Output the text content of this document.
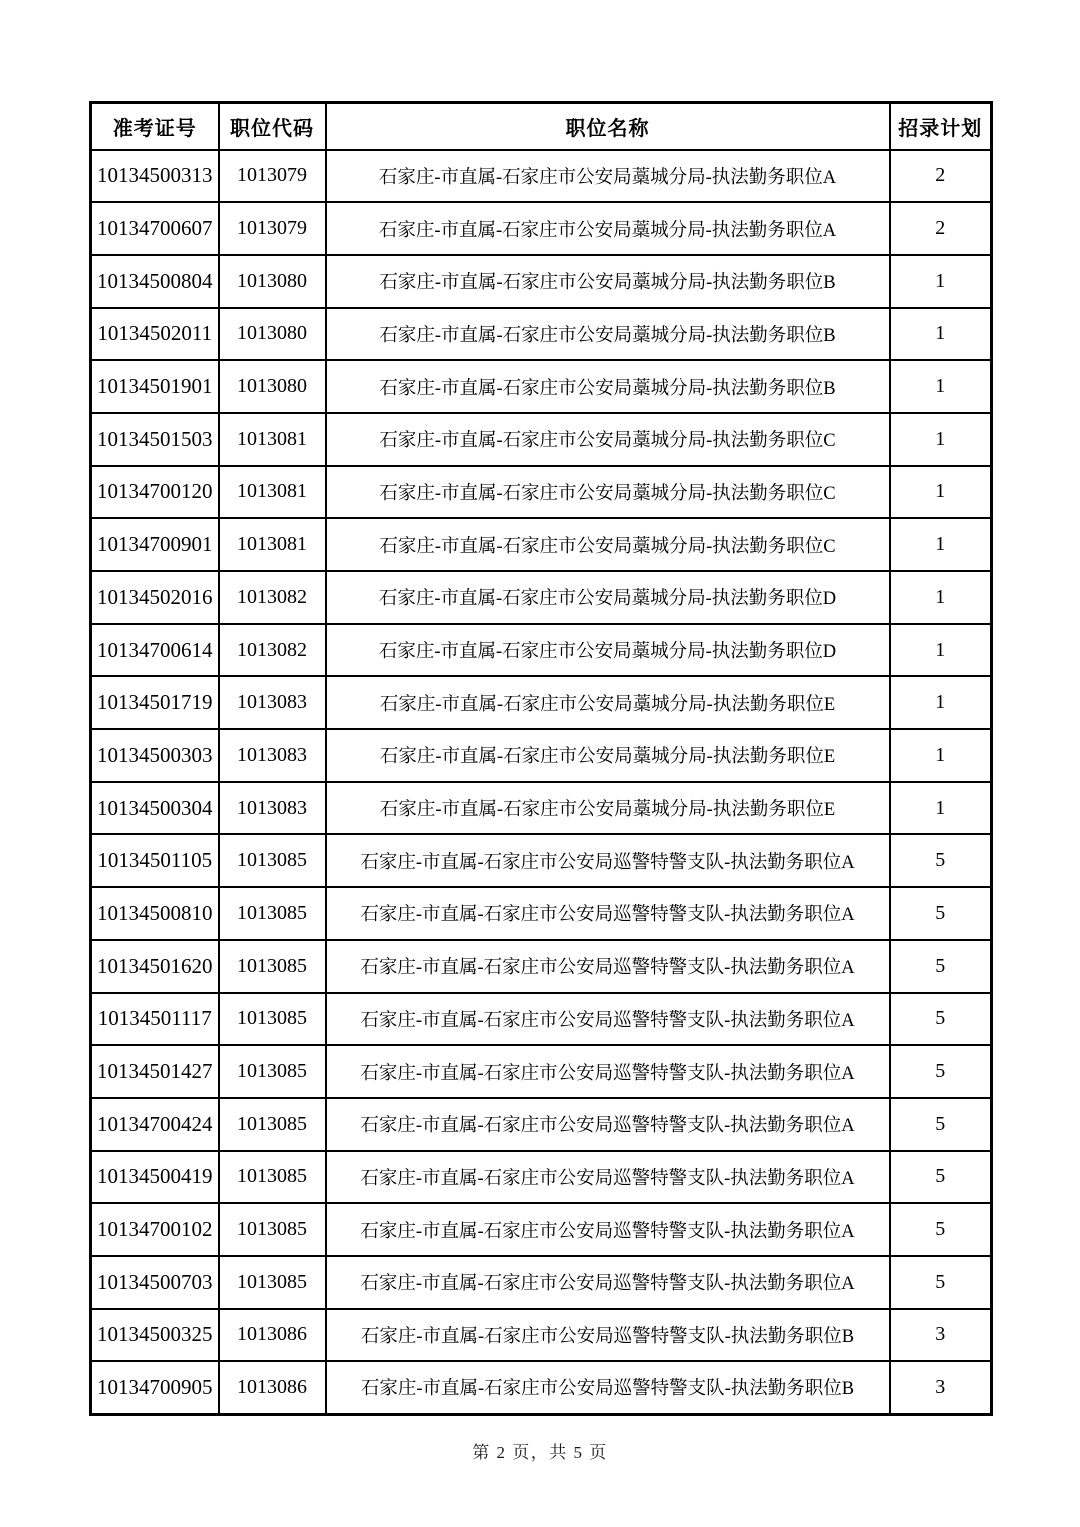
准考证号	职位代码	职位名称	招录计划
10134500313	1013079	石家庄-市直属-石家庄市公安局藁城分局-执法勤务职位A	2
10134700607	1013079	石家庄-市直属-石家庄市公安局藁城分局-执法勤务职位A	2
10134500804	1013080	石家庄-市直属-石家庄市公安局藁城分局-执法勤务职位B	1
10134502011	1013080	石家庄-市直属-石家庄市公安局藁城分局-执法勤务职位B	1
10134501901	1013080	石家庄-市直属-石家庄市公安局藁城分局-执法勤务职位B	1
10134501503	1013081	石家庄-市直属-石家庄市公安局藁城分局-执法勤务职位C	1
10134700120	1013081	石家庄-市直属-石家庄市公安局藁城分局-执法勤务职位C	1
10134700901	1013081	石家庄-市直属-石家庄市公安局藁城分局-执法勤务职位C	1
10134502016	1013082	石家庄-市直属-石家庄市公安局藁城分局-执法勤务职位D	1
10134700614	1013082	石家庄-市直属-石家庄市公安局藁城分局-执法勤务职位D	1
10134501719	1013083	石家庄-市直属-石家庄市公安局藁城分局-执法勤务职位E	1
10134500303	1013083	石家庄-市直属-石家庄市公安局藁城分局-执法勤务职位E	1
10134500304	1013083	石家庄-市直属-石家庄市公安局藁城分局-执法勤务职位E	1
10134501105	1013085	石家庄-市直属-石家庄市公安局巡警特警支队-执法勤务职位A	5
10134500810	1013085	石家庄-市直属-石家庄市公安局巡警特警支队-执法勤务职位A	5
10134501620	1013085	石家庄-市直属-石家庄市公安局巡警特警支队-执法勤务职位A	5
10134501117	1013085	石家庄-市直属-石家庄市公安局巡警特警支队-执法勤务职位A	5
10134501427	1013085	石家庄-市直属-石家庄市公安局巡警特警支队-执法勤务职位A	5
10134700424	1013085	石家庄-市直属-石家庄市公安局巡警特警支队-执法勤务职位A	5
10134500419	1013085	石家庄-市直属-石家庄市公安局巡警特警支队-执法勤务职位A	5
10134700102	1013085	石家庄-市直属-石家庄市公安局巡警特警支队-执法勤务职位A	5
10134500703	1013085	石家庄-市直属-石家庄市公安局巡警特警支队-执法勤务职位A	5
10134500325	1013086	石家庄-市直属-石家庄市公安局巡警特警支队-执法勤务职位B	3
10134700905	1013086	石家庄-市直属-石家庄市公安局巡警特警支队-执法勤务职位B	3
第 2 页，共 5 页
